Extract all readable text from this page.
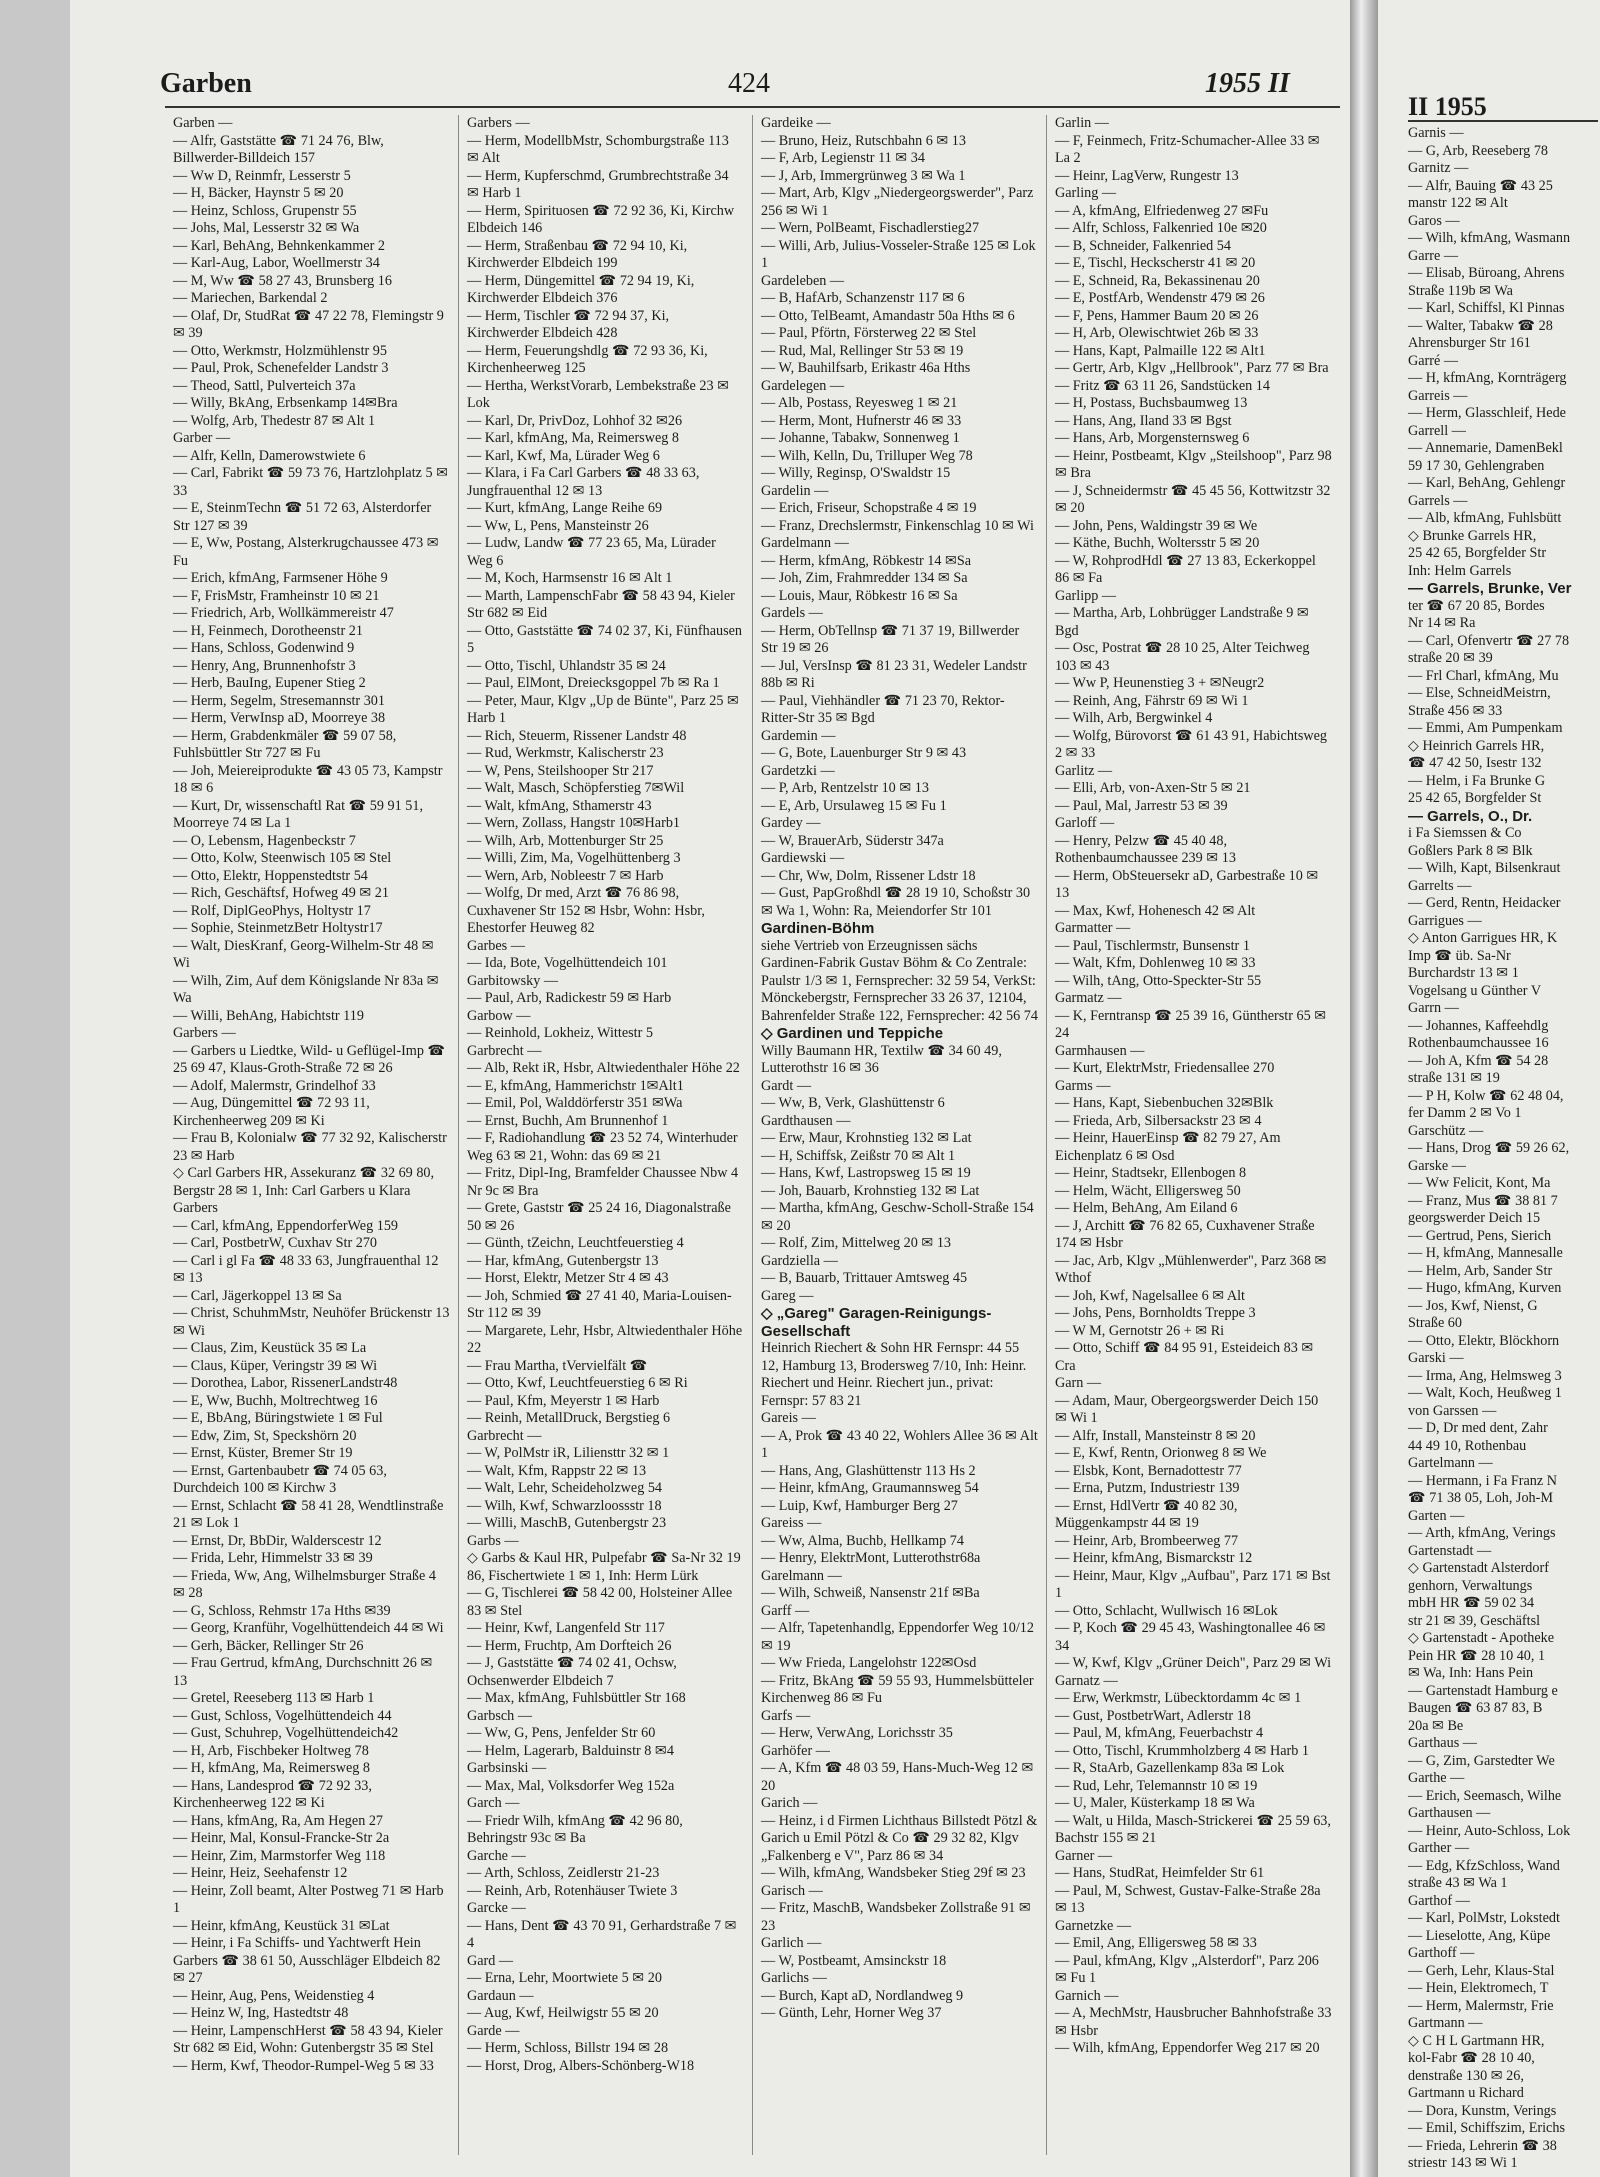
Garben	424	1955 II

Garben —

— Alfr, Gaststätte ☎ 71 24 76, Blw, Billwerder-Billdeich 157

— Ww D, Reinmfr, Lesserstr 5

— H, Bäcker, Haynstr 5 ✉ 20

— Heinz, Schloss, Grupenstr 55

— Johs, Mal, Lesserstr 32 ✉ Wa

— Karl, BehAng, Behnkenkammer 2

— Karl-Aug, Labor, Woellmerstr 34

— M, Ww ☎ 58 27 43, Brunsberg 16

— Mariechen, Barkendal 2

— Olaf, Dr, StudRat ☎ 47 22 78, Flemingstr 9 ✉ 39

— Otto, Werkmstr, Holzmühlenstr 95

— Paul, Prok, Schenefelder Landstr 3

— Theod, Sattl, Pulverteich 37a

— Willy, BkAng, Erbsenkamp 14✉Bra

— Wolfg, Arb, Thedestr 87 ✉ Alt 1

Garber —

— Alfr, Kelln, Damerowstwiete 6

— Carl, Fabrikt ☎ 59 73 76, Hartzlohplatz 5 ✉ 33

— E, SteinmTechn ☎ 51 72 63, Alsterdorfer Str 127 ✉ 39

— E, Ww, Postang, Alsterkrugchaussee 473 ✉ Fu

— Erich, kfmAng, Farmsener Höhe 9

— F, FrisMstr, Framheinstr 10 ✉ 21

— Friedrich, Arb, Wollkämmereistr 47

— H, Feinmech, Dorotheenstr 21

— Hans, Schloss, Godenwind 9

— Henry, Ang, Brunnenhofstr 3

— Herb, BauIng, Eupener Stieg 2

— Herm, Segelm, Stresemannstr 301

— Herm, VerwInsp aD, Moorreye 38

— Herm, Grabdenkmäler ☎ 59 07 58, Fuhlsbüttler Str 727 ✉ Fu

— Joh, Meiereiprodukte ☎ 43 05 73, Kampstr 18 ✉ 6

— Kurt, Dr, wissenschaftl Rat ☎ 59 91 51, Moorreye 74 ✉ La 1

— O, Lebensm, Hagenbeckstr 7

— Otto, Kolw, Steenwisch 105 ✉ Stel

— Otto, Elektr, Hoppenstedtstr 54

— Rich, Geschäftsf, Hofweg 49 ✉ 21

— Rolf, DiplGeoPhys, Holtystr 17

— Sophie, SteinmetzBetr Holtystr17

— Walt, DiesKranf, Georg-Wilhelm-Str 48 ✉ Wi

— Wilh, Zim, Auf dem Königslande Nr 83a ✉ Wa

— Willi, BehAng, Habichtstr 119

Garbers —

— Garbers u Liedtke, Wild- u Geflügel-Imp ☎ 25 69 47, Klaus-Groth-Straße 72 ✉ 26

— Adolf, Malermstr, Grindelhof 33

— Aug, Düngemittel ☎ 72 93 11, Kirchenheerweg 209 ✉ Ki

— Frau B, Kolonialw ☎ 77 32 92, Kalischerstr 23 ✉ Harb

◇ Carl Garbers HR, Assekuranz ☎ 32 69 80, Bergstr 28 ✉ 1, Inh: Carl Garbers u Klara Garbers

— Carl, kfmAng, EppendorferWeg 159

— Carl, PostbetrW, Cuxhav Str 270

— Carl i gl Fa ☎ 48 33 63, Jungfrauenthal 12 ✉ 13

— Carl, Jägerkoppel 13 ✉ Sa

— Christ, SchuhmMstr, Neuhöfer Brückenstr 13 ✉ Wi

— Claus, Zim, Keustück 35 ✉ La

— Claus, Küper, Veringstr 39 ✉ Wi

— Dorothea, Labor, RissenerLandstr48

— E, Ww, Buchh, Moltrechtweg 16

— E, BbAng, Büringstwiete 1 ✉ Ful

— Edw, Zim, St, Speckshörn 20

— Ernst, Küster, Bremer Str 19

— Ernst, Gartenbaubetr ☎ 74 05 63, Durchdeich 100 ✉ Kirchw 3

— Ernst, Schlacht ☎ 58 41 28, Wendtlinstraße 21 ✉ Lok 1

— Ernst, Dr, BbDir, Walderscestr 12

— Frida, Lehr, Himmelstr 33 ✉ 39

— Frieda, Ww, Ang, Wilhelmsburger Straße 4 ✉ 28

— G, Schloss, Rehmstr 17a Hths ✉39

— Georg, Kranführ, Vogelhüttendeich 44 ✉ Wi

— Gerh, Bäcker, Rellinger Str 26

— Frau Gertrud, kfmAng, Durchschnitt 26 ✉ 13

— Gretel, Reeseberg 113 ✉ Harb 1

— Gust, Schloss, Vogelhüttendeich 44

— Gust, Schuhrep, Vogelhüttendeich42

— H, Arb, Fischbeker Holtweg 78

— H, kfmAng, Ma, Reimersweg 8

— Hans, Landesprod ☎ 72 92 33, Kirchenheerweg 122 ✉ Ki

— Hans, kfmAng, Ra, Am Hegen 27

— Heinr, Mal, Konsul-Francke-Str 2a

— Heinr, Zim, Marmstorfer Weg 118

— Heinr, Heiz, Seehafenstr 12

— Heinr, Zoll beamt, Alter Postweg 71 ✉ Harb 1

— Heinr, kfmAng, Keustück 31 ✉Lat

— Heinr, i Fa Schiffs- und Yachtwerft Hein Garbers ☎ 38 61 50, Ausschläger Elbdeich 82 ✉ 27

— Heinr, Aug, Pens, Weidenstieg 4

— Heinz W, Ing, Hastedtstr 48

— Heinr, LampenschHerst ☎ 58 43 94, Kieler Str 682 ✉ Eid, Wohn: Gutenbergstr 35 ✉ Stel

— Herm, Kwf, Theodor-Rumpel-Weg 5 ✉ 33

Garbers —

— Herm, ModellbMstr, Schomburgstraße 113 ✉ Alt

— Herm, Kupferschmd, Grumbrechtstraße 34 ✉ Harb 1

— Herm, Spirituosen ☎ 72 92 36, Ki, Kirchw Elbdeich 146

— Herm, Straßenbau ☎ 72 94 10, Ki, Kirchwerder Elbdeich 199

— Herm, Düngemittel ☎ 72 94 19, Ki, Kirchwerder Elbdeich 376

— Herm, Tischler ☎ 72 94 37, Ki, Kirchwerder Elbdeich 428

— Herm, Feuerungshdlg ☎ 72 93 36, Ki, Kirchenheerweg 125

— Hertha, WerkstVorarb, Lembekstraße 23 ✉ Lok

— Karl, Dr, PrivDoz, Lohhof 32 ✉26

— Karl, kfmAng, Ma, Reimersweg 8

— Karl, Kwf, Ma, Lürader Weg 6

— Klara, i Fa Carl Garbers ☎ 48 33 63, Jungfrauenthal 12 ✉ 13

— Kurt, kfmAng, Lange Reihe 69

— Ww, L, Pens, Mansteinstr 26

— Ludw, Landw ☎ 77 23 65, Ma, Lürader Weg 6

— M, Koch, Harmsenstr 16 ✉ Alt 1

— Marth, LampenschFabr ☎ 58 43 94, Kieler Str 682 ✉ Eid

— Otto, Gaststätte ☎ 74 02 37, Ki, Fünfhausen 5

— Otto, Tischl, Uhlandstr 35 ✉ 24

— Paul, ElMont, Dreiecksgoppel 7b ✉ Ra 1

— Peter, Maur, Klgv „Up de Bünte", Parz 25 ✉ Harb 1

— Rich, Steuerm, Rissener Landstr 48

— Rud, Werkmstr, Kalischerstr 23

— W, Pens, Steilshooper Str 217

— Walt, Masch, Schöpferstieg 7✉Wil

— Walt, kfmAng, Sthamerstr 43

— Wern, Zollass, Hangstr 10✉Harb1

— Wilh, Arb, Mottenburger Str 25

— Willi, Zim, Ma, Vogelhüttenberg 3

— Wern, Arb, Nobleestr 7 ✉ Harb

— Wolfg, Dr med, Arzt ☎ 76 86 98, Cuxhavener Str 152 ✉ Hsbr, Wohn: Hsbr, Ehestorfer Heuweg 82

Garbes —

— Ida, Bote, Vogelhüttendeich 101

Garbitowsky —

— Paul, Arb, Radickestr 59 ✉ Harb

Garbow —

— Reinhold, Lokheiz, Wittestr 5

Garbrecht —

— Alb, Rekt iR, Hsbr, Altwiedenthaler Höhe 22

— E, kfmAng, Hammerichstr 1✉Alt1

— Emil, Pol, Walddörferstr 351 ✉Wa

— Ernst, Buchh, Am Brunnenhof 1

— F, Radiohandlung ☎ 23 52 74, Winterhuder Weg 63 ✉ 21, Wohn: das 69 ✉ 21

— Fritz, Dipl-Ing, Bramfelder Chaussee Nbw 4 Nr 9c ✉ Bra

— Grete, Gaststr ☎ 25 24 16, Diagonalstraße 50 ✉ 26

— Günth, tZeichn, Leuchtfeuerstieg 4

— Har, kfmAng, Gutenbergstr 13

— Horst, Elektr, Metzer Str 4 ✉ 43

— Joh, Schmied ☎ 27 41 40, Maria-Louisen-Str 112 ✉ 39

— Margarete, Lehr, Hsbr, Altwiedenthaler Höhe 22

— Frau Martha, tVervielfält ☎

— Otto, Kwf, Leuchtfeuerstieg 6 ✉ Ri

— Paul, Kfm, Meyerstr 1 ✉ Harb

— Reinh, MetallDruck, Bergstieg 6

Garbrecht —

— W, PolMstr iR, Liliensttr 32 ✉ 1

— Walt, Kfm, Rappstr 22 ✉ 13

— Walt, Lehr, Scheideholzweg 54

— Wilh, Kwf, Schwarzloossstr 18

— Willi, MaschB, Gutenbergstr 23

Garbs —

◇ Garbs & Kaul HR, Pulpefabr ☎ Sa-Nr 32 19 86, Fischertwiete 1 ✉ 1, Inh: Herm Lürk

— G, Tischlerei ☎ 58 42 00, Holsteiner Allee 83 ✉ Stel

— Heinr, Kwf, Langenfeld Str 117

— Herm, Fruchtp, Am Dorfteich 26

— J, Gaststätte ☎ 74 02 41, Ochsw, Ochsenwerder Elbdeich 7

— Max, kfmAng, Fuhlsbüttler Str 168

Garbsch —

— Ww, G, Pens, Jenfelder Str 60

— Helm, Lagerarb, Balduinstr 8 ✉4

Garbsinski —

— Max, Mal, Volksdorfer Weg 152a

Garch —

— Friedr Wilh, kfmAng ☎ 42 96 80, Behringstr 93c ✉ Ba

Garche —

— Arth, Schloss, Zeidlerstr 21-23

— Reinh, Arb, Rotenhäuser Twiete 3

Garcke —

— Hans, Dent ☎ 43 70 91, Gerhardstraße 7 ✉ 4

Gard —

— Erna, Lehr, Moortwiete 5 ✉ 20

Gardaun —

— Aug, Kwf, Heilwigstr 55 ✉ 20

Garde —

— Herm, Schloss, Billstr 194 ✉ 28

— Horst, Drog, Albers-Schönberg-W18

Gardeike —

— Bruno, Heiz, Rutschbahn 6 ✉ 13

— F, Arb, Legienstr 11 ✉ 34

— J, Arb, Immergrünweg 3 ✉ Wa 1

— Mart, Arb, Klgv „Niedergeorgswerder", Parz 256 ✉ Wi 1

— Wern, PolBeamt, Fischadlerstieg27

— Willi, Arb, Julius-Vosseler-Straße 125 ✉ Lok 1

Gardeleben —

— B, HafArb, Schanzenstr 117 ✉ 6

— Otto, TelBeamt, Amandastr 50a Hths ✉ 6

— Paul, Pförtn, Försterweg 22 ✉ Stel

— Rud, Mal, Rellinger Str 53 ✉ 19

— W, Bauhilfsarb, Erikastr 46a Hths

Gardelegen —

— Alb, Postass, Reyesweg 1 ✉ 21

— Herm, Mont, Hufnerstr 46 ✉ 33

— Johanne, Tabakw, Sonnenweg 1

— Wilh, Kelln, Du, Trilluper Weg 78

— Willy, Reginsp, O'Swaldstr 15

Gardelin —

— Erich, Friseur, Schopstraße 4 ✉ 19

— Franz, Drechslermstr, Finkenschlag 10 ✉ Wi

Gardelmann —

— Herm, kfmAng, Röbkestr 14 ✉Sa

— Joh, Zim, Frahmredder 134 ✉ Sa

— Louis, Maur, Röbkestr 16 ✉ Sa

Gardels —

— Herm, ObTellnsp ☎ 71 37 19, Billwerder Str 19 ✉ 26

— Jul, VersInsp ☎ 81 23 31, Wedeler Landstr 88b ✉ Ri

— Paul, Viehhändler ☎ 71 23 70, Rektor-Ritter-Str 35 ✉ Bgd

Gardemin —

— G, Bote, Lauenburger Str 9 ✉ 43

Gardetzki —

— P, Arb, Rentzelstr 10 ✉ 13

— E, Arb, Ursulaweg 15 ✉ Fu 1

Gardey —

— W, BrauerArb, Süderstr 347a

Gardiewski —

— Chr, Ww, Dolm, Rissener Ldstr 18

— Gust, PapGroßhdl ☎ 28 19 10, Schoßstr 30 ✉ Wa 1, Wohn: Ra, Meiendorfer Str 101

Gardinen-Böhm

siehe Vertrieb von Erzeugnissen sächs Gardinen-Fabrik Gustav Böhm & Co Zentrale: Paulstr 1/3 ✉ 1, Fernsprecher: 32 59 54, VerkSt: Mönckebergstr, Fernsprecher 33 26 37, 12104, Bahrenfelder Straße 122, Fernsprecher: 42 56 74

◇ Gardinen und Teppiche

Willy Baumann HR, Textilw ☎ 34 60 49, Lutterothstr 16 ✉ 36

Gardt —

— Ww, B, Verk, Glashüttenstr 6

Gardthausen —

— Erw, Maur, Krohnstieg 132 ✉ Lat

— H, Schiffsk, Zeißstr 70 ✉ Alt 1

— Hans, Kwf, Lastropsweg 15 ✉ 19

— Joh, Bauarb, Krohnstieg 132 ✉ Lat

— Martha, kfmAng, Geschw-Scholl-Straße 154 ✉ 20

— Rolf, Zim, Mittelweg 20 ✉ 13

Gardziella —

— B, Bauarb, Trittauer Amtsweg 45

Gareg —

◇ „Gareg" Garagen-Reinigungs-Gesellschaft

Heinrich Riechert & Sohn HR Fernspr: 44 55 12, Hamburg 13, Brodersweg 7/10, Inh: Heinr. Riechert und Heinr. Riechert jun., privat: Fernspr: 57 83 21

Gareis —

— A, Prok ☎ 43 40 22, Wohlers Allee 36 ✉ Alt 1

— Hans, Ang, Glashüttenstr 113 Hs 2

— Heinr, kfmAng, Graumannsweg 54

— Luip, Kwf, Hamburger Berg 27

Gareiss —

— Ww, Alma, Buchb, Hellkamp 74

— Henry, ElektrMont, Lutterothstr68a

Garelmann —

— Wilh, Schweiß, Nansenstr 21f ✉Ba

Garff —

— Alfr, Tapetenhandlg, Eppendorfer Weg 10/12 ✉ 19

— Ww Frieda, Langelohstr 122✉Osd

— Fritz, BkAng ☎ 59 55 93, Hummelsbütteler Kirchenweg 86 ✉ Fu

Garfs —

— Herw, VerwAng, Lorichsstr 35

Garhöfer —

— A, Kfm ☎ 48 03 59, Hans-Much-Weg 12 ✉ 20

Garich —

— Heinz, i d Firmen Lichthaus Billstedt Pötzl & Garich u Emil Pötzl & Co ☎ 29 32 82, Klgv „Falkenberg e V", Parz 86 ✉ 34

— Wilh, kfmAng, Wandsbeker Stieg 29f ✉ 23

Garisch —

— Fritz, MaschB, Wandsbeker Zollstraße 91 ✉ 23

Garlich —

— W, Postbeamt, Amsinckstr 18

Garlichs —

— Burch, Kapt aD, Nordlandweg 9

— Günth, Lehr, Horner Weg 37

Garlin —

— F, Feinmech, Fritz-Schumacher-Allee 33 ✉ La 2

— Heinr, LagVerw, Rungestr 13

Garling —

— A, kfmAng, Elfriedenweg 27 ✉Fu

— Alfr, Schloss, Falkenried 10e ✉20

— B, Schneider, Falkenried 54

— E, Tischl, Heckscherstr 41 ✉ 20

— E, Schneid, Ra, Bekassinenau 20

— E, PostfArb, Wendenstr 479 ✉ 26

— F, Pens, Hammer Baum 20 ✉ 26

— H, Arb, Olewischtwiet 26b ✉ 33

— Hans, Kapt, Palmaille 122 ✉ Alt1

— Gertr, Arb, Klgv „Hellbrook", Parz 77 ✉ Bra

— Fritz ☎ 63 11 26, Sandstücken 14

— H, Postass, Buchsbaumweg 13

— Hans, Ang, Iland 33 ✉ Bgst

— Hans, Arb, Morgensternsweg 6

— Heinr, Postbeamt, Klgv „Steilshoop", Parz 98 ✉ Bra

— J, Schneidermstr ☎ 45 45 56, Kottwitzstr 32 ✉ 20

— John, Pens, Waldingstr 39 ✉ We

— Käthe, Buchh, Woltersstr 5 ✉ 20

— W, RohprodHdl ☎ 27 13 83, Eckerkoppel 86 ✉ Fa

Garlipp —

— Martha, Arb, Lohbrügger Landstraße 9 ✉ Bgd

— Osc, Postrat ☎ 28 10 25, Alter Teichweg 103 ✉ 43

— Ww P, Heunenstieg 3 + ✉Neugr2

— Reinh, Ang, Fährstr 69 ✉ Wi 1

— Wilh, Arb, Bergwinkel 4

— Wolfg, Bürovorst ☎ 61 43 91, Habichtsweg 2 ✉ 33

Garlitz —

— Elli, Arb, von-Axen-Str 5 ✉ 21

— Paul, Mal, Jarrestr 53 ✉ 39

Garloff —

— Henry, Pelzw ☎ 45 40 48, Rothenbaumchaussee 239 ✉ 13

— Herm, ObSteuersekr aD, Garbestraße 10 ✉ 13

— Max, Kwf, Hohenesch 42 ✉ Alt

Garmatter —

— Paul, Tischlermstr, Bunsenstr 1

— Walt, Kfm, Dohlenweg 10 ✉ 33

— Wilh, tAng, Otto-Speckter-Str 55

Garmatz —

— K, Ferntransp ☎ 25 39 16, Güntherstr 65 ✉ 24

Garmhausen —

— Kurt, ElektrMstr, Friedensallee 270

Garms —

— Hans, Kapt, Siebenbuchen 32✉Blk

— Frieda, Arb, Silbersackstr 23 ✉ 4

— Heinr, HauerEinsp ☎ 82 79 27, Am Eichenplatz 6 ✉ Osd

— Heinr, Stadtsekr, Ellenbogen 8

— Helm, Wächt, Elligersweg 50

— Helm, BehAng, Am Eiland 6

— J, Architt ☎ 76 82 65, Cuxhavener Straße 174 ✉ Hsbr

— Jac, Arb, Klgv „Mühlenwerder", Parz 368 ✉ Wthof

— Joh, Kwf, Nagelsallee 6 ✉ Alt

— Johs, Pens, Bornholdts Treppe 3

— W M, Gernotstr 26 + ✉ Ri

— Otto, Schiff ☎ 84 95 91, Esteideich 83 ✉ Cra

Garn —

— Adam, Maur, Obergeorgswerder Deich 150 ✉ Wi 1

— Alfr, Install, Mansteinstr 8 ✉ 20

— E, Kwf, Rentn, Orionweg 8 ✉ We

— Elsbk, Kont, Bernadottestr 77

— Erna, Putzm, Industriestr 139

— Ernst, HdlVertr ☎ 40 82 30, Müggenkampstr 44 ✉ 19

— Heinr, Arb, Brombeerweg 77

— Heinr, kfmAng, Bismarckstr 12

— Heinr, Maur, Klgv „Aufbau", Parz 171 ✉ Bst 1

— Otto, Schlacht, Wullwisch 16 ✉Lok

— P, Koch ☎ 29 45 43, Washingtonallee 46 ✉ 34

— W, Kwf, Klgv „Grüner Deich", Parz 29 ✉ Wi

Garnatz —

— Erw, Werkmstr, Lübecktordamm 4c ✉ 1

— Gust, PostbetrWart, Adlerstr 18

— Paul, M, kfmAng, Feuerbachstr 4

— Otto, Tischl, Krummholzberg 4 ✉ Harb 1

— R, StaArb, Gazellenkamp 83a ✉ Lok

— Rud, Lehr, Telemannstr 10 ✉ 19

— U, Maler, Küsterkamp 18 ✉ Wa

— Walt, u Hilda, Masch-Strickerei ☎ 25 59 63, Bachstr 155 ✉ 21

Garner —

— Hans, StudRat, Heimfelder Str 61

— Paul, M, Schwest, Gustav-Falke-Straße 28a ✉ 13

Garnetzke —

— Emil, Ang, Elligersweg 58 ✉ 33

— Paul, kfmAng, Klgv „Alsterdorf", Parz 206 ✉ Fu 1

Garnich —

— A, MechMstr, Hausbrucher Bahnhofstraße 33 ✉ Hsbr

— Wilh, kfmAng, Eppendorfer Weg 217 ✉ 20

II 1955

Garnis —

— G, Arb, Reeseberg 78

Garnitz —

— Alfr, Bauing ☎ 43 25

manstr 122 ✉ Alt

Garos —

— Wilh, kfmAng, Wasmann

Garre —

— Elisab, Büroang, Ahrens

Straße 119b ✉ Wa

— Karl, Schiffsl, Kl Pinnas

— Walter, Tabakw ☎ 28

Ahrensburger Str 161

Garré —

— H, kfmAng, Kornträgerg

Garreis —

— Herm, Glasschleif, Hede

Garrell —

— Annemarie, DamenBekl

59 17 30, Gehlengraben

— Karl, BehAng, Gehlengr

Garrels —

— Alb, kfmAng, Fuhlsbütt

◇ Brunke Garrels HR,

25 42 65, Borgfelder Str

Inh: Helm Garrels

— Garrels, Brunke, Ver

ter ☎ 67 20 85, Bordes

Nr 14 ✉ Ra

— Carl, Ofenvertr ☎ 27 78

straße 20 ✉ 39

— Frl Charl, kfmAng, Mu

— Else, SchneidMeistrn,

Straße 456 ✉ 33

— Emmi, Am Pumpenkam

◇ Heinrich Garrels HR,

☎ 47 42 50, Isestr 132

— Helm, i Fa Brunke G

25 42 65, Borgfelder St

— Garrels, O., Dr.

i Fa Siemssen & Co

Goßlers Park 8 ✉ Blk

— Wilh, Kapt, Bilsenkraut

Garrelts —

— Gerd, Rentn, Heidacker

Garrigues —

◇ Anton Garrigues HR, K

Imp ☎ üb. Sa-Nr

Burchardstr 13 ✉ 1

Vogelsang u Günther V

Garrn —

— Johannes, Kaffeehdlg

Rothenbaumchaussee 16

— Joh A, Kfm ☎ 54 28

straße 131 ✉ 19

— P H, Kolw ☎ 62 48 04,

fer Damm 2 ✉ Vo 1

Garschütz —

— Hans, Drog ☎ 59 26 62,

Garske —

— Ww Felicit, Kont, Ma

— Franz, Mus ☎ 38 81 7

georgswerder Deich 15

— Gertrud, Pens, Sierich

— H, kfmAng, Mannesalle

— Helm, Arb, Sander Str

— Hugo, kfmAng, Kurven

— Jos, Kwf, Nienst, G

Straße 60

— Otto, Elektr, Blöckhorn

Garski —

— Irma, Ang, Helmsweg 3

— Walt, Koch, Heußweg 1

von Garssen —

— D, Dr med dent, Zahr

44 49 10, Rothenbau

Gartelmann —

— Hermann, i Fa Franz N

☎ 71 38 05, Loh, Joh-M

Garten —

— Arth, kfmAng, Verings

Gartenstadt —

◇ Gartenstadt Alsterdorf

genhorn, Verwaltungs

mbH HR ☎ 59 02 34

str 21 ✉ 39, Geschäftsl

◇ Gartenstadt - Apotheke

Pein HR ☎ 28 10 40, 1

✉ Wa, Inh: Hans Pein

— Gartenstadt Hamburg e

Baugen ☎ 63 87 83, B

20a ✉ Be

Garthaus —

— G, Zim, Garstedter We

Garthe —

— Erich, Seemasch, Wilhe

Garthausen —

— Heinr, Auto-Schloss, Lok

Garther —

— Edg, KfzSchloss, Wand

straße 43 ✉ Wa 1

Garthof —

— Karl, PolMstr, Lokstedt

— Lieselotte, Ang, Küpe

Garthoff —

— Gerh, Lehr, Klaus-Stal

— Hein, Elektromech, T

— Herm, Malermstr, Frie

Gartmann —

◇ C H L Gartmann HR,

kol-Fabr ☎ 28 10 40,

denstraße 130 ✉ 26,

Gartmann u Richard

— Dora, Kunstm, Verings

— Emil, Schiffszim, Erichs

— Frieda, Lehrerin ☎ 38

striestr 143 ✉ Wi 1
